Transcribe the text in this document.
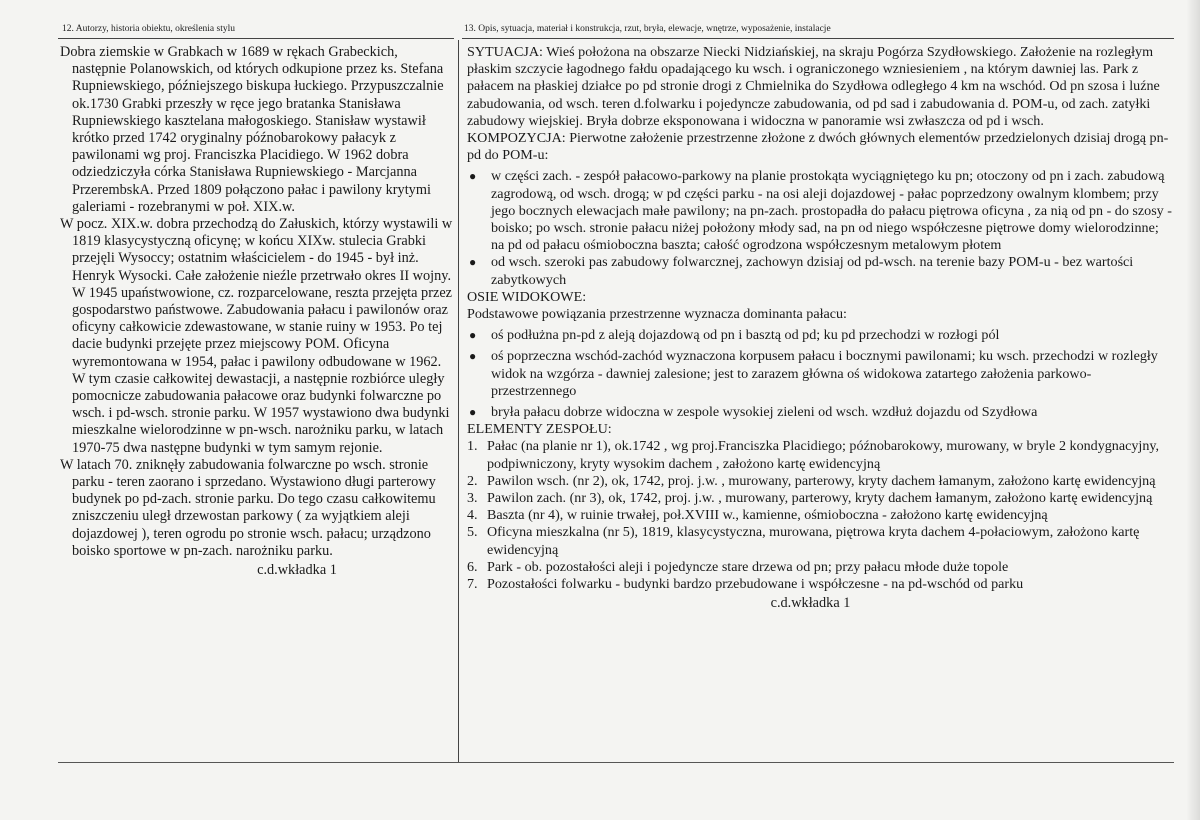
12. Autorzy, historia obiektu, określenia stylu	13. Opis, sytuacja, materiał i konstrukcja, rzut, bryła, elewacje, wnętrze, wyposażenie, instalacje

Dobra ziemskie w Grabkach w 1689 w rękach Grabeckich, następnie Polanowskich, od których odkupione przez ks. Stefana Rupniewskiego, późniejszego biskupa łuckiego. Przypuszczalnie ok.1730 Grabki przeszły w ręce jego bratanka Stanisława Rupniewskiego kasztelana małogoskiego. Stanisław wystawił krótko przed 1742 oryginalny późnobarokowy pałacyk z pawilonami wg proj. Franciszka Placidiego. W 1962 dobra odziedziczyła córka Stanisława Rupniewskiego - Marcjanna PrzerembskA. Przed 1809 połączono pałac i pawilony krytymi galeriami - rozebranymi w poł. XIX.w.

W pocz. XIX.w. dobra przechodzą do Załuskich, którzy wystawili w 1819 klasycystyczną oficynę; w końcu XIXw. stulecia Grabki przejęli Wysoccy; ostatnim właścicielem - do 1945 - był inż. Henryk Wysocki. Całe założenie nieźle przetrwało okres II wojny. W 1945 upaństwowione, cz. rozparcelowane, reszta przejęta przez gospodarstwo państwowe. Zabudowania pałacu i pawilonów oraz oficyny całkowicie zdewastowane, w stanie ruiny w 1953. Po tej dacie budynki przejęte przez miejscowy POM. Oficyna wyremontowana w 1954, pałac i pawilony odbudowane w 1962. W tym czasie całkowitej dewastacji, a następnie rozbiórce uległy pomocnicze zabudowania pałacowe oraz budynki folwarczne po wsch. i pd-wsch. stronie parku. W 1957 wystawiono dwa budynki mieszkalne wielorodzinne w pn-wsch. narożniku parku, w latach 1970-75 dwa następne budynki w tym samym rejonie.

W latach 70. zniknęły zabudowania folwarczne po wsch. stronie parku - teren zaorano i sprzedano. Wystawiono długi parterowy budynek po pd-zach. stronie parku. Do tego czasu całkowitemu zniszczeniu uległ drzewostan parkowy ( za wyjątkiem aleji dojazdowej ), teren ogrodu po stronie wsch. pałacu; urządzono boisko sportowe w pn-zach. narożniku parku.

c.d.wkładka 1

SYTUACJA: Wieś położona na obszarze Niecki Nidziańskiej, na skraju Pogórza Szydłowskiego. Założenie na rozległym płaskim szczycie łagodnego fałdu opadającego ku wsch. i ograniczonego wzniesieniem , na którym dawniej las. Park z pałacem na płaskiej działce po pd stronie drogi z Chmielnika do Szydłowa odległego 4 km na wschód. Od pn szosa i luźne zabudowania, od wsch. teren d.folwarku i pojedyncze zabudowania, od pd sad i zabudowania d. POM-u, od zach. zatyłki zabudowy wiejskiej. Bryła dobrze eksponowana i widoczna w panoramie wsi zwłaszcza od pd i wsch.

KOMPOZYCJA: Pierwotne założenie przestrzenne złożone z dwóch głównych elementów przedzielonych dzisiaj drogą pn-pd do POM-u:

●	w części zach. - zespół pałacowo-parkowy na planie prostokąta wyciągniętego ku pn; otoczony od pn i zach. zabudową zagrodową, od wsch. drogą; w pd części parku - na osi aleji dojazdowej - pałac poprzedzony owalnym klombem; przy jego bocznych elewacjach małe pawilony; na pn-zach. prostopadła do pałacu piętrowa oficyna , za nią od pn - do szosy - boisko; po wsch. stronie pałacu niżej położony młody sad, na pn od niego współczesne piętrowe domy wielorodzinne; na pd od pałacu ośmioboczna baszta; całość ogrodzona współczesnym metalowym płotem
●	od wsch. szeroki pas zabudowy folwarcznej, zachowyn dzisiaj od pd-wsch. na terenie bazy POM-u - bez wartości zabytkowych

OSIE WIDOKOWE:

Podstawowe powiązania przestrzenne wyznacza dominanta pałacu:

●	oś podłużna pn-pd z aleją dojazdową od pn i basztą od pd; ku pd przechodzi w rozłogi pól
●	oś poprzeczna wschód-zachód wyznaczona korpusem pałacu i bocznymi pawilonami; ku wsch. przechodzi w rozległy widok na wzgórza - dawniej zalesione; jest to zarazem główna oś widokowa zatartego założenia parkowo-przestrzennego
●	bryła pałacu dobrze widoczna w zespole wysokiej zieleni od wsch. wzdłuż dojazdu od Szydłowa

ELEMENTY ZESPOŁU:

1. Pałac (na planie nr 1), ok.1742 , wg proj.Franciszka Placidiego; późnobarokowy, murowany, w bryle 2 kondygnacyjny, podpiwniczony, kryty wysokim dachem , założono kartę ewidencyjną
2. Pawilon wsch. (nr 2), ok, 1742, proj. j.w. , murowany, parterowy, kryty dachem łamanym, założono kartę ewidencyjną
3. Pawilon zach. (nr 3), ok, 1742, proj. j.w. , murowany, parterowy, kryty dachem łamanym, założono kartę ewidencyjną
4. Baszta (nr 4), w ruinie trwałej, poł.XVIII w., kamienne, ośmioboczna - założono kartę ewidencyjną
5. Oficyna mieszkalna (nr 5), 1819, klasycystyczna, murowana, piętrowa kryta dachem 4-połaciowym, założono kartę ewidencyjną
6. Park - ob. pozostałości aleji i pojedyncze stare drzewa od pn; przy pałacu młode duże topole
7. Pozostałości folwarku - budynki bardzo przebudowane i współczesne - na pd-wschód od parku
c.d.wkładka 1
